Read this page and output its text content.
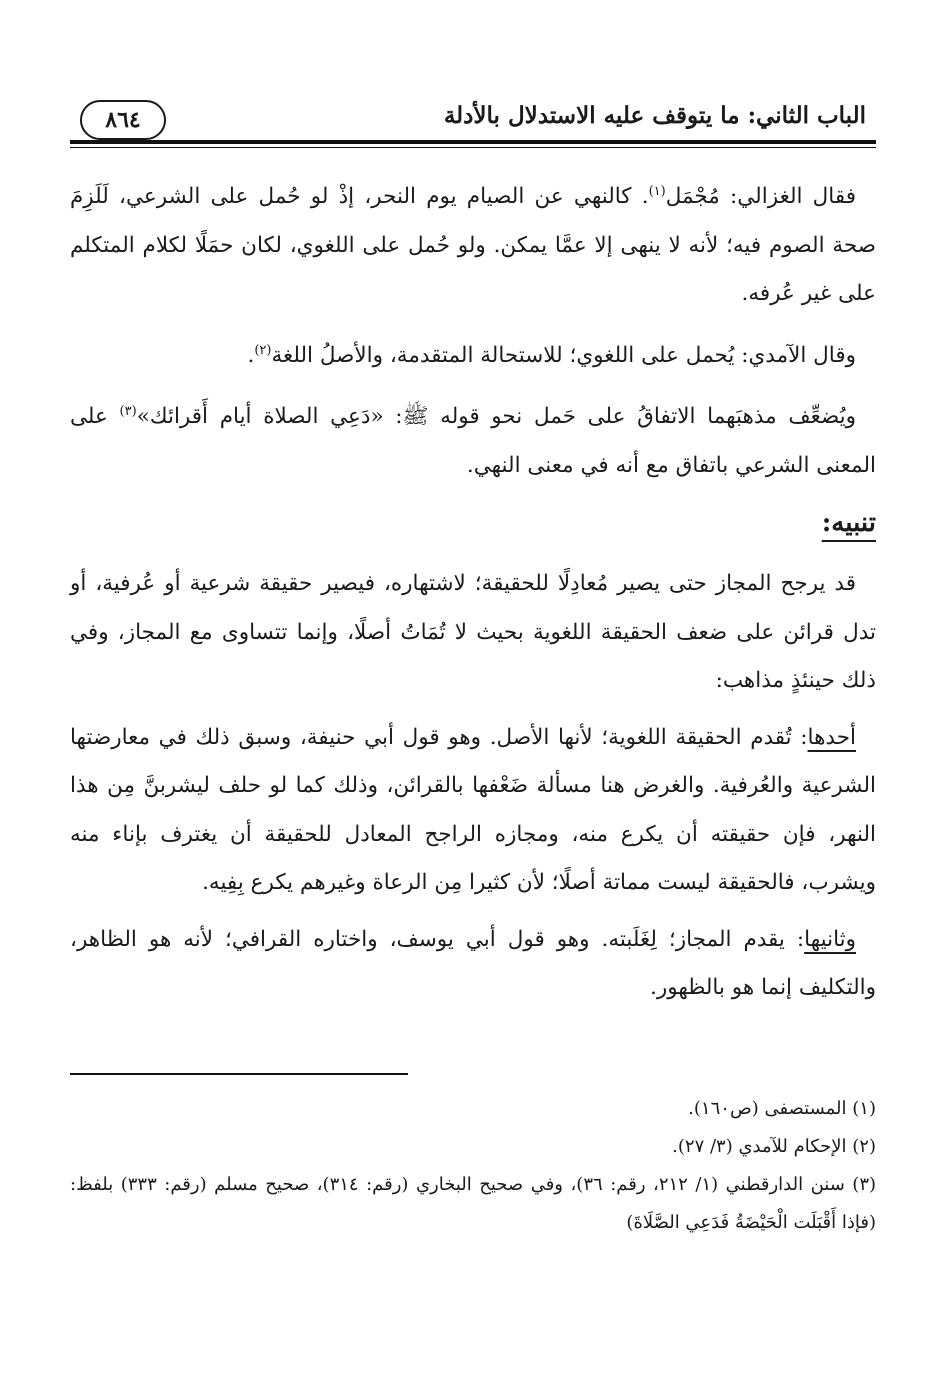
الباب الثاني: ما يتوقف عليه الاستدلال بالأدلة
٨٦٤

فقال الغزالي: مُجْمَل$^{(١)}$. كالنهي عن الصيام يوم النحر، إذْ لو حُمل على الشرعي، لَلَزِمَ صحة الصوم فيه؛ لأنه لا ينهى إلا عمَّا يمكن. ولو حُمل على اللغوي، لكان حمَلًا لكلام المتكلم على غير عُرفه.

وقال الآمدي: يُحمل على اللغوي؛ للاستحالة المتقدمة، والأصلُ اللغة$^{(٢)}$.

ويُضعِّف مذهبَهما الاتفاقُ على حَمل نحو قوله ﷺ: «دَعِي الصلاة أيام أَقرائك»$^{(٣)}$ على المعنى الشرعي باتفاق مع أنه في معنى النهي.

تنبيه:

قد يرجح المجاز حتى يصير مُعادِلًا للحقيقة؛ لاشتهاره، فيصير حقيقة شرعية أو عُرفية، أو تدل قرائن على ضعف الحقيقة اللغوية بحيث لا تُمَاتُ أصلًا، وإنما تتساوى مع المجاز، وفي ذلك حينئذٍ مذاهب:

أحدها: تُقدم الحقيقة اللغوية؛ لأنها الأصل. وهو قول أبي حنيفة، وسبق ذلك في معارضتها الشرعية والعُرفية. والغرض هنا مسألة ضَعْفها بالقرائن، وذلك كما لو حلف ليشربنَّ مِن هذا النهر، فإن حقيقته أن يكرع منه، ومجازه الراجح المعادل للحقيقة أن يغترف بإناء منه ويشرب، فالحقيقة ليست مماتة أصلًا؛ لأن كثيرا مِن الرعاة وغيرهم يكرع بِفِيه.

وثانيها: يقدم المجاز؛ لِغَلَبته. وهو قول أبي يوسف، واختاره القرافي؛ لأنه هو الظاهر، والتكليف إنما هو بالظهور.

(١) المستصفى (ص١٦٠).

(٢) الإحكام للآمدي (٣/ ٢٧).

(٣) سنن الدارقطني (١/ ٢١٢، رقم: ٣٦)، وفي صحيح البخاري (رقم: ٣١٤)، صحيح مسلم (رقم: ٣٣٣) بلفظ: (فإذا أَقْبَلَت الْحَيْضَةُ فَدَعِي الصَّلَاةَ)
